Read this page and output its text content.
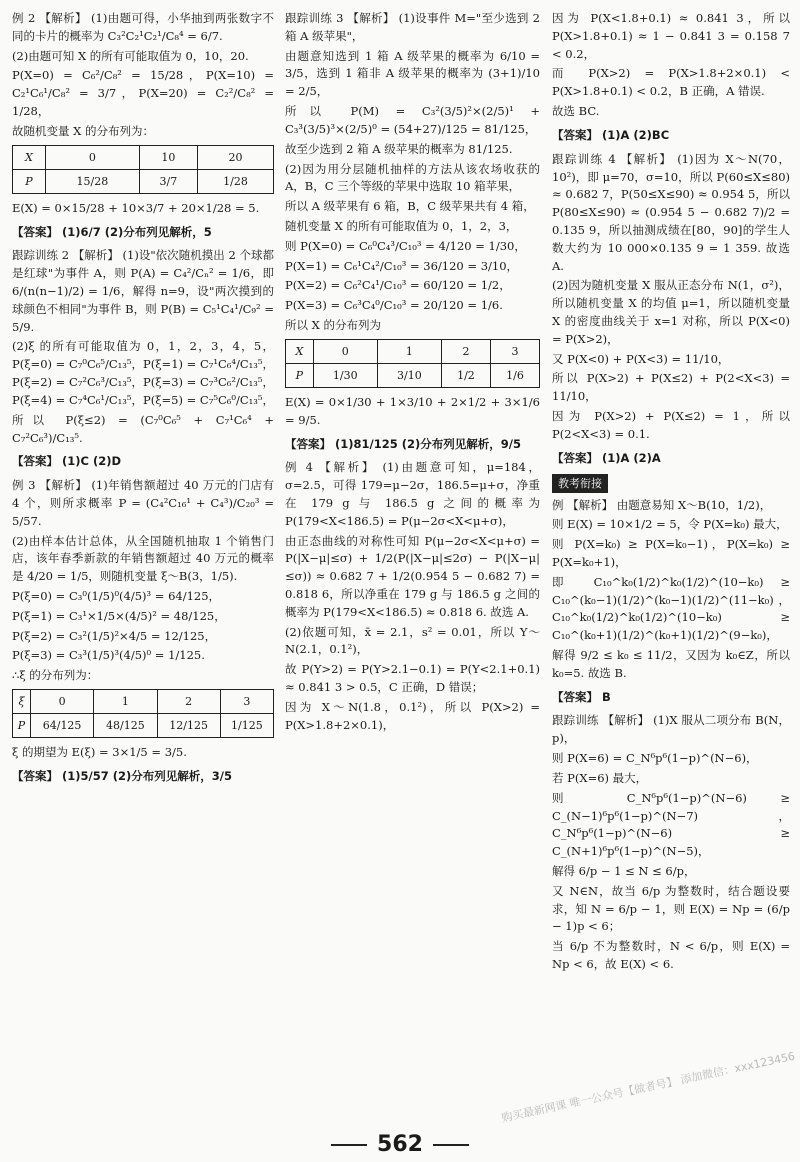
例 2 【解析】 (1)由题可得，小华抽到两张数字不同的卡片的概率为 C₃²C₂¹C₂¹/C₈⁴ = 6/7.

(2)由题可知 X 的所有可能取值为 0，10，20.

P(X=0) = C₆²/C₈² = 15/28，P(X=10) = C₂¹C₆¹/C₈² = 3/7，P(X=20) = C₂²/C₈² = 1/28，

故随机变量 X 的分布列为：

X	0	10	20
P	15/28	3/7	1/28

E(X) = 0×15/28 + 10×3/7 + 20×1/28 = 5.

【答案】 (1)6/7 (2)分布列见解析，5

跟踪训练 2 【解析】 (1)设"依次随机摸出 2 个球都是红球"为事件 A，则 P(A) = C₄²/Cₙ² = 1/6，即 6/(n(n−1)/2) = 1/6，解得 n=9，设"两次摸到的球颜色不相同"为事件 B，则 P(B) = C₅¹C₄¹/C₉² = 5/9.

(2)ξ 的所有可能取值为 0，1，2，3，4，5，P(ξ=0) = C₇⁰C₆⁵/C₁₃⁵，P(ξ=1) = C₇¹C₆⁴/C₁₃⁵，P(ξ=2) = C₇²C₆³/C₁₃⁵，P(ξ=3) = C₇³C₆²/C₁₃⁵，P(ξ=4) = C₇⁴C₆¹/C₁₃⁵，P(ξ=5) = C₇⁵C₆⁰/C₁₃⁵，

所以 P(ξ≤2) = (C₇⁰C₆⁵ + C₇¹C₆⁴ + C₇²C₆³)/C₁₃⁵.

【答案】 (1)C (2)D

例 3 【解析】 (1)年销售额超过 40 万元的门店有 4 个，则所求概率 P = (C₄²C₁₆¹ + C₄³)/C₂₀³ = 5/57.

(2)由样本估计总体，从全国随机抽取 1 个销售门店，该年春季新款的年销售额超过 40 万元的概率是 4/20 = 1/5，则随机变量 ξ～B(3，1/5).

P(ξ=0) = C₃⁰(1/5)⁰(4/5)³ = 64/125，

P(ξ=1) = C₃¹×1/5×(4/5)² = 48/125，

P(ξ=2) = C₃²(1/5)²×4/5 = 12/125，

P(ξ=3) = C₃³(1/5)³(4/5)⁰ = 1/125.

∴ξ 的分布列为：

ξ	0	1	2	3
P	64/125	48/125	12/125	1/125

ξ 的期望为 E(ξ) = 3×1/5 = 3/5.

【答案】 (1)5/57 (2)分布列见解析，3/5

跟踪训练 3 【解析】 (1)设事件 M="至少选到 2 箱 A 级苹果"，

由题意知选到 1 箱 A 级苹果的概率为 6/10 = 3/5，选到 1 箱非 A 级苹果的概率为 (3+1)/10 = 2/5，

所以 P(M) = C₃²(3/5)²×(2/5)¹ + C₃³(3/5)³×(2/5)⁰ = (54+27)/125 = 81/125，

故至少选到 2 箱 A 级苹果的概率为 81/125.

(2)因为用分层随机抽样的方法从该农场收获的 A，B，C 三个等级的苹果中选取 10 箱苹果，

所以 A 级苹果有 6 箱，B，C 级苹果共有 4 箱，

随机变量 X 的所有可能取值为 0，1，2，3，

则 P(X=0) = C₆⁰C₄³/C₁₀³ = 4/120 = 1/30，

P(X=1) = C₆¹C₄²/C₁₀³ = 36/120 = 3/10，

P(X=2) = C₆²C₄¹/C₁₀³ = 60/120 = 1/2，

P(X=3) = C₆³C₄⁰/C₁₀³ = 20/120 = 1/6.

所以 X 的分布列为

X	0	1	2	3
P	1/30	3/10	1/2	1/6

E(X) = 0×1/30 + 1×3/10 + 2×1/2 + 3×1/6 = 9/5.

【答案】 (1)81/125 (2)分布列见解析，9/5

例 4 【解析】 (1)由题意可知，μ=184，σ=2.5，可得 179=μ−2σ，186.5=μ+σ，净重在 179 g 与 186.5 g 之间的概率为 P(179<X<186.5) = P(μ−2σ<X<μ+σ)，

由正态曲线的对称性可知 P(μ−2σ<X<μ+σ) = P(|X−μ|≤σ) + 1/2(P(|X−μ|≤2σ) − P(|X−μ|≤σ)) ≈ 0.682 7 + 1/2(0.954 5 − 0.682 7) = 0.818 6，所以净重在 179 g 与 186.5 g 之间的概率为 P(179<X<186.5) ≈ 0.818 6. 故选 A.

(2)依题可知，x̄ = 2.1，s² = 0.01，所以 Y～N(2.1，0.1²)，

故 P(Y>2) = P(Y>2.1−0.1) = P(Y<2.1+0.1) ≈ 0.841 3 > 0.5，C 正确，D 错误；

因为 X～N(1.8，0.1²)，所以 P(X>2) = P(X>1.8+2×0.1)，

因为 P(X<1.8+0.1) ≈ 0.841 3，所以 P(X>1.8+0.1) ≈ 1 − 0.841 3 = 0.158 7 < 0.2，

而 P(X>2) = P(X>1.8+2×0.1) < P(X>1.8+0.1) < 0.2，B 正确，A 错误.

故选 BC.

【答案】 (1)A (2)BC

跟踪训练 4 【解析】 (1)因为 X～N(70，10²)，即 μ=70，σ=10，所以 P(60≤X≤80) ≈ 0.682 7，P(50≤X≤90) ≈ 0.954 5，所以 P(80≤X≤90) ≈ (0.954 5 − 0.682 7)/2 = 0.135 9，所以抽测成绩在[80，90]的学生人数大约为 10 000×0.135 9 = 1 359. 故选 A.

(2)因为随机变量 X 服从正态分布 N(1，σ²)，所以随机变量 X 的均值 μ=1，所以随机变量 X 的密度曲线关于 x=1 对称，所以 P(X<0) = P(X>2)，

又 P(X<0) + P(X<3) = 11/10，

所以 P(X>2) + P(X≤2) + P(2<X<3) = 11/10，

因为 P(X>2) + P(X≤2) = 1，所以 P(2<X<3) = 0.1.

【答案】 (1)A (2)A

教考衔接

例 【解析】 由题意易知 X～B(10，1/2)，

则 E(X) = 10×1/2 = 5，令 P(X=k₀) 最大，

则 P(X=k₀) ≥ P(X=k₀−1)，P(X=k₀) ≥ P(X=k₀+1)，

即 C₁₀^k₀(1/2)^k₀(1/2)^(10−k₀) ≥ C₁₀^(k₀−1)(1/2)^(k₀−1)(1/2)^(11−k₀)，C₁₀^k₀(1/2)^k₀(1/2)^(10−k₀) ≥ C₁₀^(k₀+1)(1/2)^(k₀+1)(1/2)^(9−k₀)，

解得 9/2 ≤ k₀ ≤ 11/2，又因为 k₀∈Z，所以 k₀=5. 故选 B.

【答案】 B

跟踪训练 【解析】 (1)X 服从二项分布 B(N，p)，

则 P(X=6) = C_N⁶p⁶(1−p)^(N−6)，

若 P(X=6) 最大，

则 C_N⁶p⁶(1−p)^(N−6) ≥ C_(N−1)⁶p⁶(1−p)^(N−7)，C_N⁶p⁶(1−p)^(N−6) ≥ C_(N+1)⁶p⁶(1−p)^(N−5)，

解得 6/p − 1 ≤ N ≤ 6/p，

又 N∈N，故当 6/p 为整数时，结合题设要求，知 N = 6/p − 1，则 E(X) = Np = (6/p − 1)p < 6；

当 6/p 不为整数时，N < 6/p，则 E(X) = Np < 6，故 E(X) < 6.

562
购买最新网课 唯一公众号【做者号】 添加微信：xxx123456
